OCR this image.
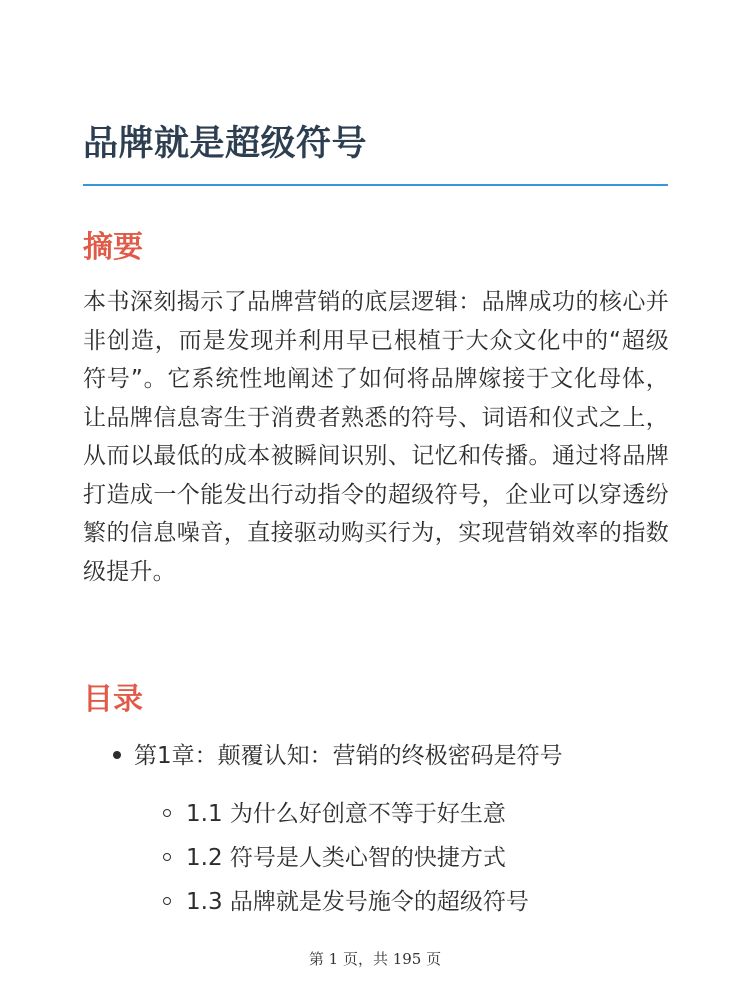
品牌就是超级符号
摘要

本书深刻揭示了品牌营销的底层逻辑：品牌成功的核心并非创造，而是发现并利用早已根植于大众文化中的“超级符号”。它系统性地阐述了如何将品牌嫁接于文化母体，让品牌信息寄生于消费者熟悉的符号、词语和仪式之上，从而以最低的成本被瞬间识别、记忆和传播。通过将品牌打造成一个能发出行动指令的超级符号，企业可以穿透纷繁的信息噪音，直接驱动购买行为，实现营销效率的指数级提升。

目录
第1章：颠覆认知：营销的终极密码是符号
1.1 为什么好创意不等于好生意
1.2 符号是人类心智的快捷方式
1.3 品牌就是发号施令的超级符号
第 1 页，共 195 页
